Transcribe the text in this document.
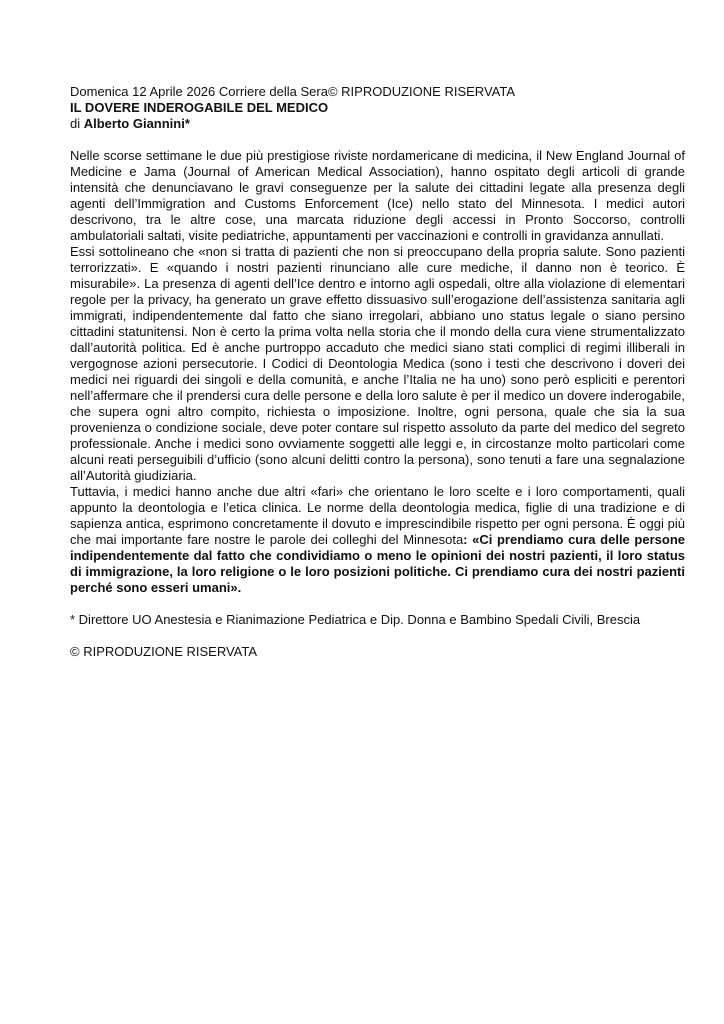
Domenica 12 Aprile 2026 Corriere della Sera© RIPRODUZIONE RISERVATA

IL DOVERE INDEROGABILE DEL MEDICO

di Alberto Giannini*

Nelle scorse settimane le due più prestigiose riviste nordamericane di medicina, il New England Journal of Medicine e Jama (Journal of American Medical Association), hanno ospitato degli articoli di grande intensità che denunciavano le gravi conseguenze per la salute dei cittadini legate alla presenza degli agenti dell’Immigration and Customs Enforcement (Ice) nello stato del Minnesota. I medici autori descrivono, tra le altre cose, una marcata riduzione degli accessi in Pronto Soccorso, controlli ambulatoriali saltati, visite pediatriche, appuntamenti per vaccinazioni e controlli in gravidanza annullati.

Essi sottolineano che «non si tratta di pazienti che non si preoccupano della propria salute. Sono pazienti terrorizzati». E «quando i nostri pazienti rinunciano alle cure mediche, il danno non è teorico. È misurabile». La presenza di agenti dell’Ice dentro e intorno agli ospedali, oltre alla violazione di elementari regole per la privacy, ha generato un grave effetto dissuasivo sull’erogazione dell’assistenza sanitaria agli immigrati, indipendentemente dal fatto che siano irregolari, abbiano uno status legale o siano persino cittadini statunitensi. Non è certo la prima volta nella storia che il mondo della cura viene strumentalizzato dall’autorità politica. Ed è anche purtroppo accaduto che medici siano stati complici di regimi illiberali in vergognose azioni persecutorie. I Codici di Deontologia Medica (sono i testi che descrivono i doveri dei medici nei riguardi dei singoli e della comunità, e anche l’Italia ne ha uno) sono però espliciti e perentori nell’affermare che il prendersi cura delle persone e della loro salute è per il medico un dovere inderogabile, che supera ogni altro compito, richiesta o imposizione. Inoltre, ogni persona, quale che sia la sua provenienza o condizione sociale, deve poter contare sul rispetto assoluto da parte del medico del segreto professionale. Anche i medici sono ovviamente soggetti alle leggi e, in circostanze molto particolari come alcuni reati perseguibili d’ufficio (sono alcuni delitti contro la persona), sono tenuti a fare una segnalazione all’Autorità giudiziaria.

Tuttavia, i medici hanno anche due altri «fari» che orientano le loro scelte e i loro comportamenti, quali appunto la deontologia e l’etica clinica. Le norme della deontologia medica, figlie di una tradizione e di sapienza antica, esprimono concretamente il dovuto e imprescindibile rispetto per ogni persona. È oggi più che mai importante fare nostre le parole dei colleghi del Minnesota: «Ci prendiamo cura delle persone indipendentemente dal fatto che condividiamo o meno le opinioni dei nostri pazienti, il loro status di immigrazione, la loro religione o le loro posizioni politiche. Ci prendiamo cura dei nostri pazienti perché sono esseri umani».

* Direttore UO Anestesia e Rianimazione Pediatrica e Dip. Donna e Bambino Spedali Civili, Brescia

© RIPRODUZIONE RISERVATA
